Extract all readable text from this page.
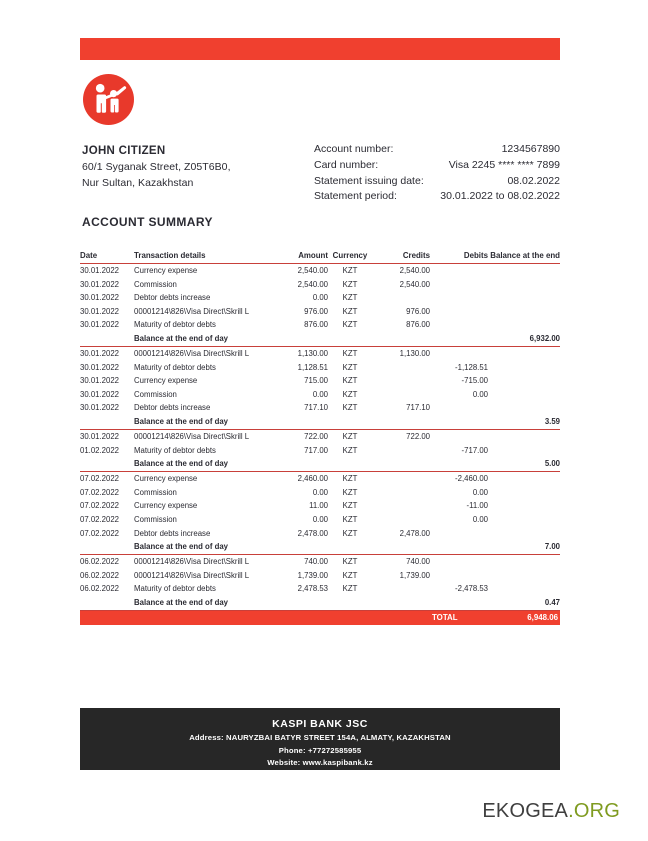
JOHN CITIZEN
60/1 Syganak Street, Z05T6B0,
Nur Sultan, Kazakhstan
Account number:	1234567890
Card number:	Visa 2245 **** **** 7899
Statement issuing date:	08.02.2022
Statement period:	30.01.2022 to 08.02.2022
ACCOUNT SUMMARY
Date	Transaction details	Amount	Currency	Credits	Debits	Balance at the end
30.01.2022	Currency expense	2,540.00	KZT	2,540.00		
30.01.2022	Commission	2,540.00	KZT	2,540.00		
30.01.2022	Debtor debts increase	0.00	KZT			
30.01.2022	00001214\826\Visa Direct\Skrill L	976.00	KZT	976.00		
30.01.2022	Maturity of debtor debts	876.00	KZT	876.00		
	Balance at the end of day					6,932.00
30.01.2022	00001214\826\Visa Direct\Skrill L	1,130.00	KZT	1,130.00		
30.01.2022	Maturity of debtor debts	1,128.51	KZT		-1,128.51	
30.01.2022	Currency expense	715.00	KZT		-715.00	
30.01.2022	Commission	0.00	KZT		0.00	
30.01.2022	Debtor debts increase	717.10	KZT	717.10		
	Balance at the end of day					3.59
30.01.2022	00001214\826\Visa Direct\Skrill L	722.00	KZT	722.00		
01.02.2022	Maturity of debtor debts	717.00	KZT		-717.00	
	Balance at the end of day					5.00
07.02.2022	Currency expense	2,460.00	KZT		-2,460.00	
07.02.2022	Commission	0.00	KZT		0.00	
07.02.2022	Currency expense	11.00	KZT		-11.00	
07.02.2022	Commission	0.00	KZT		0.00	
07.02.2022	Debtor debts increase	2,478.00	KZT	2,478.00		
	Balance at the end of day					7.00
06.02.2022	00001214\826\Visa Direct\Skrill L	740.00	KZT	740.00		
06.02.2022	00001214\826\Visa Direct\Skrill L	1,739.00	KZT	1,739.00		
06.02.2022	Maturity of debtor debts	2,478.53	KZT		-2,478.53	
	Balance at the end of day					0.47
					TOTAL	6,948.06
KASPI BANK JSC
Address: NAURYZBAI BATYR STREET 154A, ALMATY, KAZAKHSTAN
Phone: +77272585955
Website: www.kaspibank.kz
EKOGEA.ORG
